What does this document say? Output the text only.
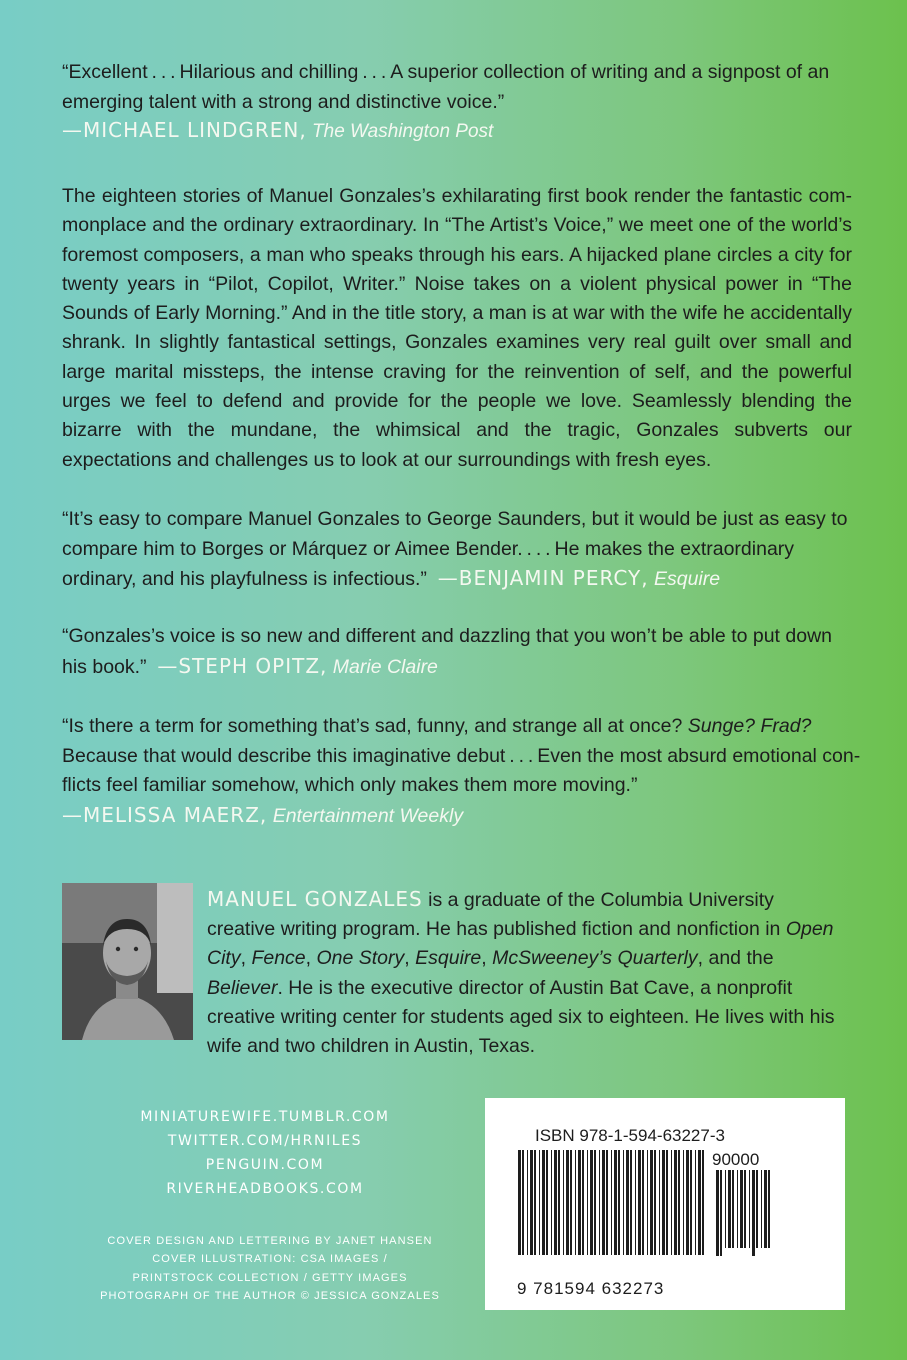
“Excellent . . . Hilarious and chilling . . . A superior collection of writing and a signpost of an emerging talent with a strong and distinctive voice.”
—MICHAEL LINDGREN, The Washington Post
The eighteen stories of Manuel Gonzales’s exhilarating first book render the fantastic commonplace and the ordinary extraordinary. In “The Artist’s Voice,” we meet one of the world’s foremost composers, a man who speaks through his ears. A hijacked plane circles a city for twenty years in “Pilot, Copilot, Writer.” Noise takes on a violent physical power in “The Sounds of Early Morning.” And in the title story, a man is at war with the wife he accidentally shrank. In slightly fantastical settings, Gonzales examines very real guilt over small and large marital missteps, the intense craving for the reinvention of self, and the powerful urges we feel to defend and provide for the people we love. Seamlessly blending the bizarre with the mundane, the whimsical and the tragic, Gonzales subverts our expectations and challenges us to look at our surroundings with fresh eyes.
“It’s easy to compare Manuel Gonzales to George Saunders, but it would be just as easy to compare him to Borges or Márquez or Aimee Bender. . . . He makes the extraordinary ordinary, and his playfulness is infectious.” —BENJAMIN PERCY, Esquire
“Gonzales’s voice is so new and different and dazzling that you won’t be able to put down his book.” —STEPH OPITZ, Marie Claire
“Is there a term for something that’s sad, funny, and strange all at once? Sunge? Frad? Because that would describe this imaginative debut . . . Even the most absurd emotional conflicts feel familiar somehow, which only makes them more moving.”
—MELISSA MAERZ, Entertainment Weekly
MANUEL GONZALES is a graduate of the Columbia University creative writing program. He has published fiction and nonfiction in Open City, Fence, One Story, Esquire, McSweeney’s Quarterly, and the Believer. He is the executive director of Austin Bat Cave, a nonprofit creative writing center for students aged six to eighteen. He lives with his wife and two children in Austin, Texas.
MINIATUREWIFE.TUMBLR.COM
TWITTER.COM/HRNILES
PENGUIN.COM
RIVERHEADBOOKS.COM
COVER DESIGN AND LETTERING BY JANET HANSEN
COVER ILLUSTRATION: CSA IMAGES /
PRINTSTOCK COLLECTION / GETTY IMAGES
PHOTOGRAPH OF THE AUTHOR © JESSICA GONZALES
ISBN 978-1-594-63227-3
90000
9 781594 632273
